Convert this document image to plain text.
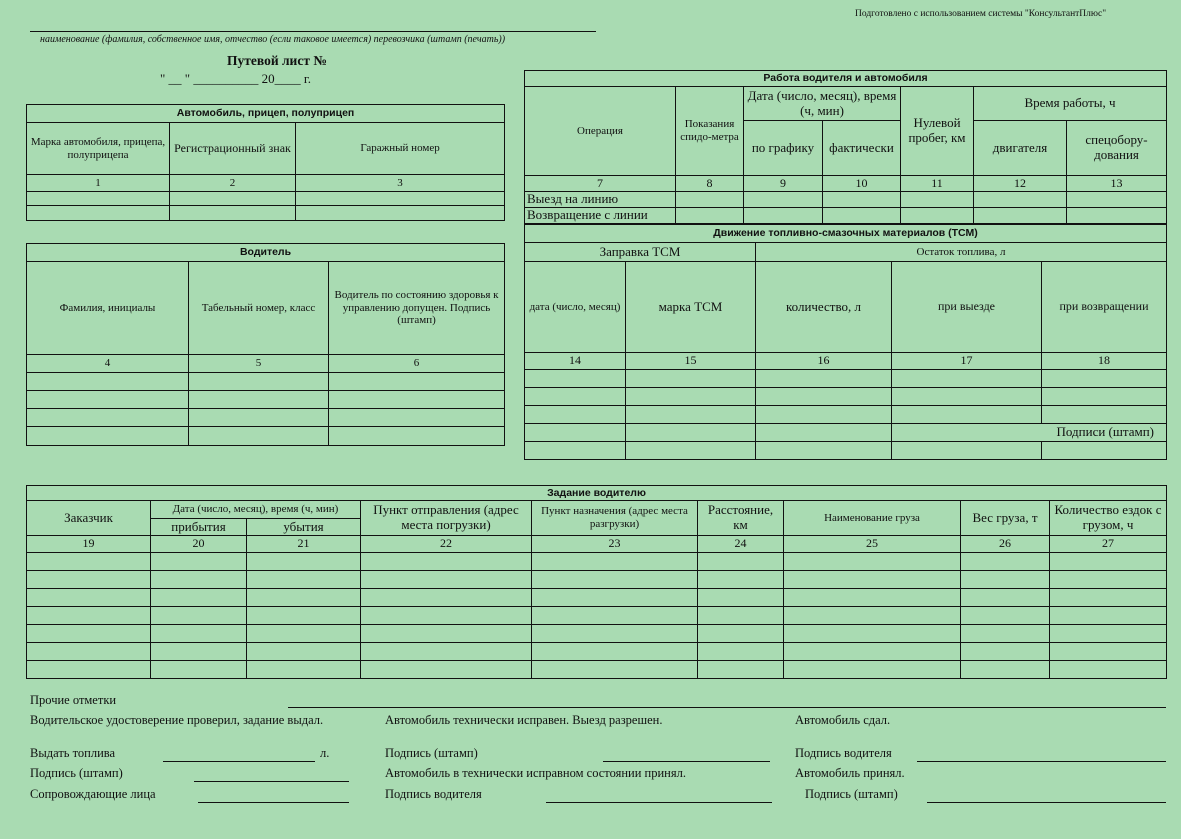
Подготовлено с использованием системы "КонсультантПлюс"
наименование (фамилия, собственное имя, отчество (если таковое имеется) перевозчика (штамп (печать))
Путевой лист №
" __ " __________ 20____ г.
Автомобиль, прицеп, полуприцеп		
Марка автомобиля, прицепа, полуприцепа	Регистрационный знак	Гаражный номер
1	2	3

Водитель		
Фамилия, инициалы	Табельный номер, класс	Водитель по состоянию здоровья к управлению допущен. Подпись (штамп)
4	5	6

Работа водителя и автомобиля						
Операция	Показания спидо-метра	Дата (число, месяц), время (ч, мин)		Нулевой пробег, км	Время работы, ч	
		по графику	фактически		двигателя	спецобору-дования
7	8	9	10	11	12	13
Выезд на линию						
Возвращение с линии						
Движение топливно-смазочных материалов (ТСМ)				
Заправка ТСМ		Остаток топлива, л		
дата (число, месяц)	марка ТСМ	количество, л	при выезде	при возвращении
14	15	16	17	18

			Подписи (штамп)	

Задание водителю								
Заказчик	Дата (число, месяц), время (ч, мин)		Пункт отправления (адрес места погрузки)	Пункт назначения (адрес места разгрузки)	Расстояние, км	Наименование груза	Вес груза, т	Количество ездок с грузом, ч
	прибытия	убытия						
19	20	21	22	23	24	25	26	27

Прочие отметки
Водительское удостоверение проверил, задание выдал.	Автомобиль технически исправен. Выезд разрешен.	Автомобиль сдал.
Выдать топлива	л.	Подпись (штамп)	Подпись водителя
Подпись (штамп)	Автомобиль в технически исправном состоянии принял.	Автомобиль принял.
Сопровождающие лица	Подпись водителя	Подпись (штамп)
